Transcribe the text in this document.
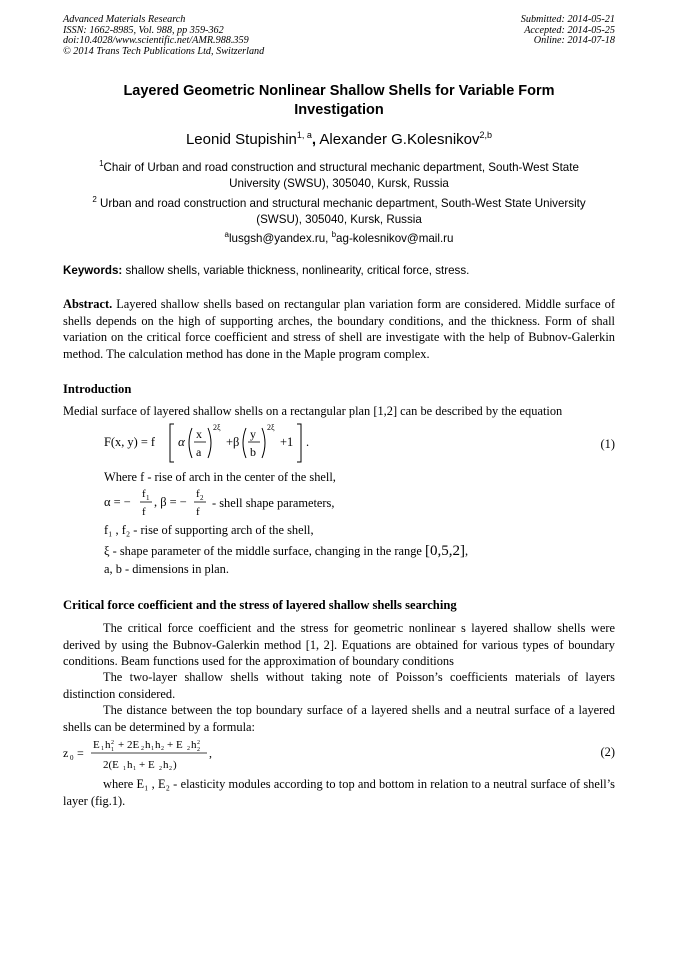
Advanced Materials Research
ISSN: 1662-8985, Vol. 988, pp 359-362
doi:10.4028/www.scientific.net/AMR.988.359
© 2014 Trans Tech Publications Ltd, Switzerland
Submitted: 2014-05-21
Accepted: 2014-05-25
Online: 2014-07-18
Layered Geometric Nonlinear Shallow Shells for Variable Form
Investigation
Leonid Stupishin$^{1, a}$, Alexander G.Kolesnikov$^{2,b}$
$^1$Chair of Urban and road construction and structural mechanic department, South-West State
University (SWSU), 305040, Kursk, Russia
$^2$ Urban and road construction and structural mechanic department, South-West State University
(SWSU), 305040, Kursk, Russia
$^a$lusgsh@yandex.ru, $^b$ag-kolesnikov@mail.ru
Keywords: shallow shells, variable thickness, nonlinearity, critical force, stress.
Abstract. Layered shallow shells based on rectangular plan variation form are considered. Middle surface of shells depends on the high of supporting arches, the boundary conditions, and the thickness. Form of shall variation on the critical force coefficient and stress of shell are investigate with the help of Bubnov-Galerkin method. The calculation method has done in the Maple program complex.
Introduction
Medial surface of layered shallow shells on a rectangular plan [1,2] can be described by the equation
F(x, y) = f α x
a
2ξ
+β
y
b
2ξ
+1 .	(1)
Where f - rise of arch in the center of the shell,
α = −
f 1
f
, β = −
f 2
f
- shell shape parameters,
f₁ , f₂ - rise of supporting arch of the shell,
ξ - shape parameter of the middle surface, changing in the range [0,5,2],
a, b - dimensions in plan.
Critical force coefficient and the stress of layered shallow shells searching
The critical force coefficient and the stress for geometric nonlinear s layered shallow shells were derived by using the Bubnov-Galerkin method [1, 2]. Equations are obtained for various types of boundary conditions. Beam functions used for the approximation of boundary conditions
The two-layer shallow shells without taking note of Poisson’s coefficients materials of layers distinction considered.
The distance between the top boundary surface of a layered shells and a neutral surface of a layered shells can be determined by a formula:
z 0 =
E 1 h 2
1 + 2E 2 h 1 h 2 + E 2 h 2
2
2(E 1 h 1 + E 2 h 2 )
,	(2)
where E₁ , E₂ - elasticity modules according to top and bottom in relation to a neutral surface of shell’s layer (fig.1).
